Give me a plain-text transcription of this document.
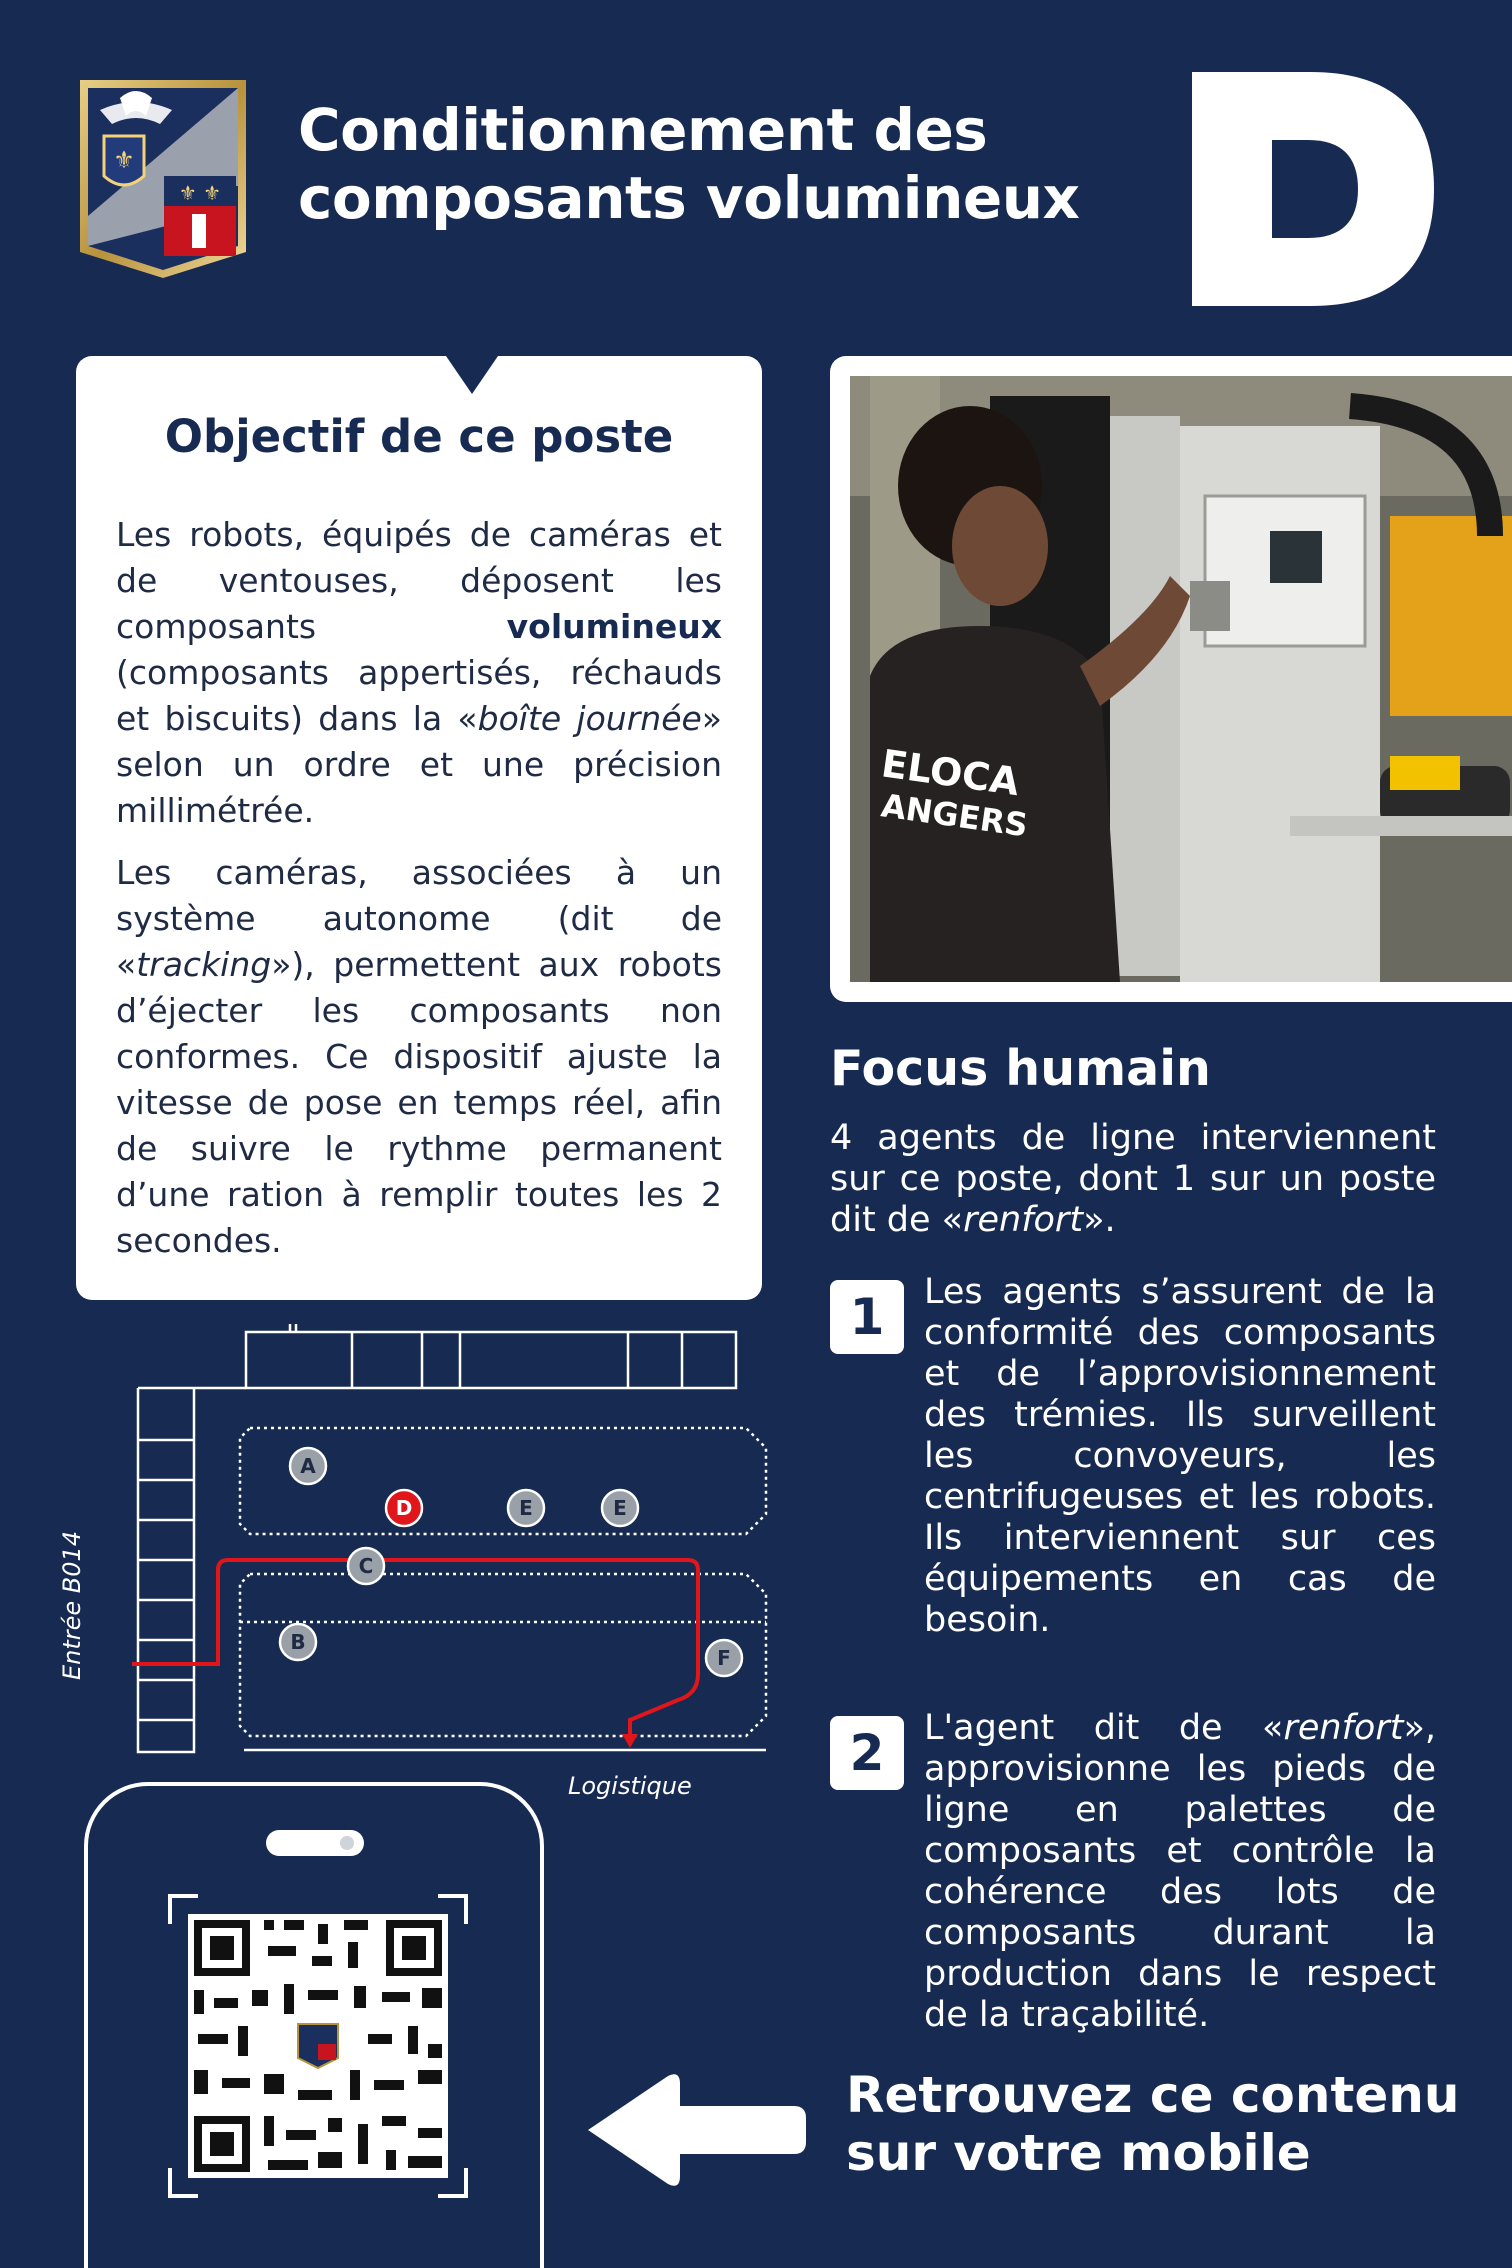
⚜ ⚜
⚜	Conditionnement des
composants volumineux
Objectif de ce poste

Les robots, équipés de caméras et de ventouses, déposent les composants volumineux (composants appertisés, réchauds et biscuits) dans la «boîte journée» selon un ordre et une précision millimétrée.

Les caméras, associées à un système autonome (dit de «tracking»), permettent aux robots d’éjecter les composants non conformes. Ce dispositif ajuste la vitesse de pose en temps réel, afin de suivre le rythme permanent d’une ration à remplir toutes les 2 secondes.

ELOCA
ANGERS
Focus humain
4 agents de ligne interviennent sur ce poste, dont 1 sur un poste dit de «renfort».
1	Les agents s’assurent de la conformité des composants et de l’approvisionnement des trémies. Ils surveillent les convoyeurs, les centrifugeuses et les robots. Ils interviennent sur ces équipements en cas de besoin.
2	L'agent dit de «renfort», approvisionne les pieds de ligne en palettes de composants et contrôle la cohérence des lots de composants durant la production dans le respect de la traçabilité.
A
D	E	E
C
B
F
Entrée B014
Logistique
Retrouvez ce contenu
sur votre mobile
